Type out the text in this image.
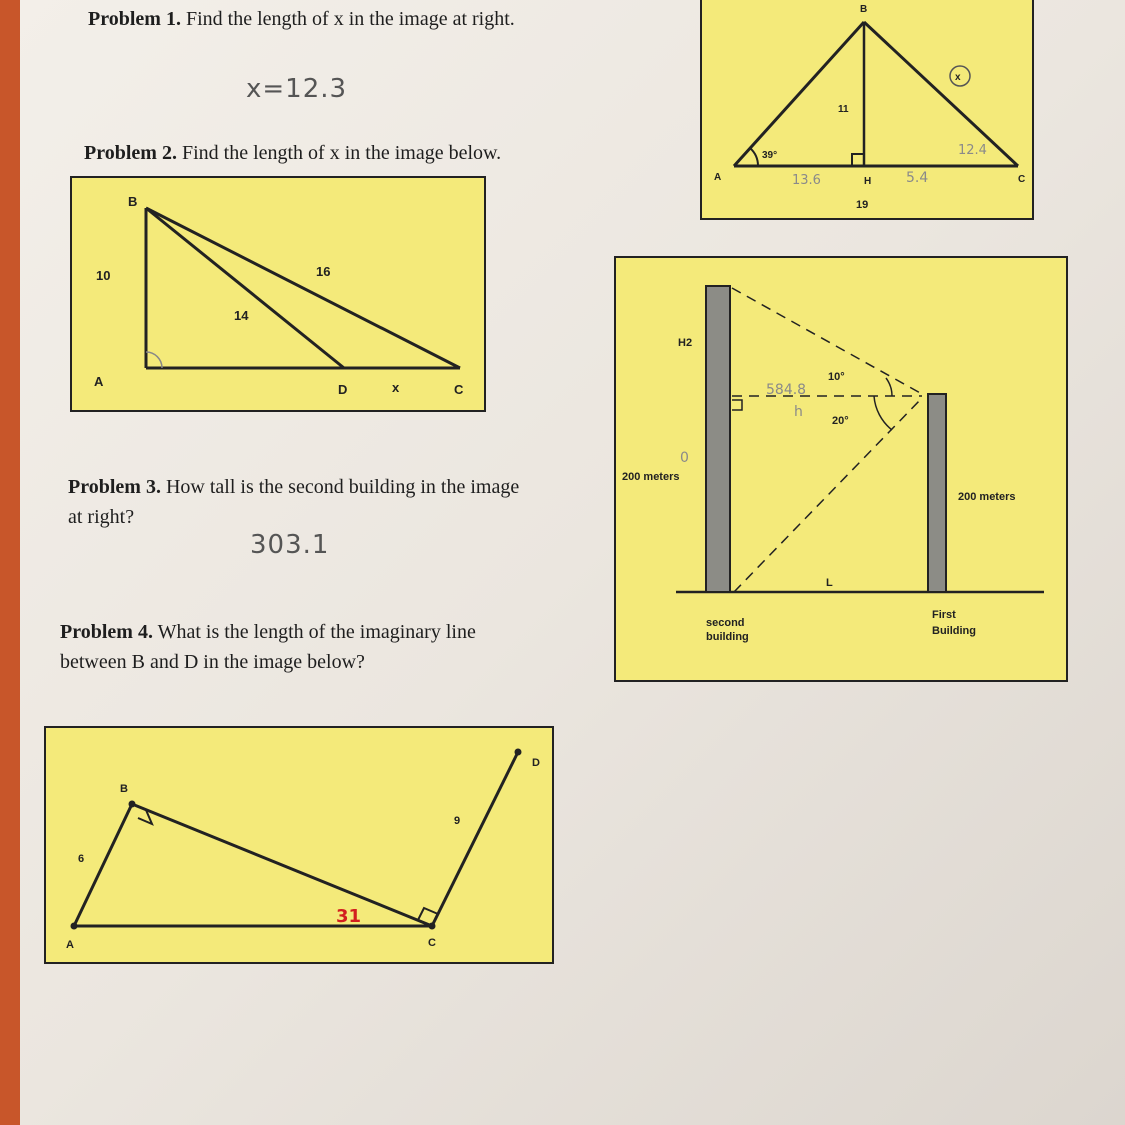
Problem 1. Find the length of x in the image at right.
x=12.3
Problem 2. Find the length of x in the image below.
Problem 3. How tall is the second building in the image
at right?
303.1
Problem 4. What is the length of the imaginary line
between B and D in the image below?
B
A	C
H
11
39°
19
x
13.6	5.4
12.4
B
A
D	C
10	16
14
x
H2
10°
20°
200 meters
200 meters
L
second
building
First
Building
584.8
h
0
A
B
C
D
6
9
31
